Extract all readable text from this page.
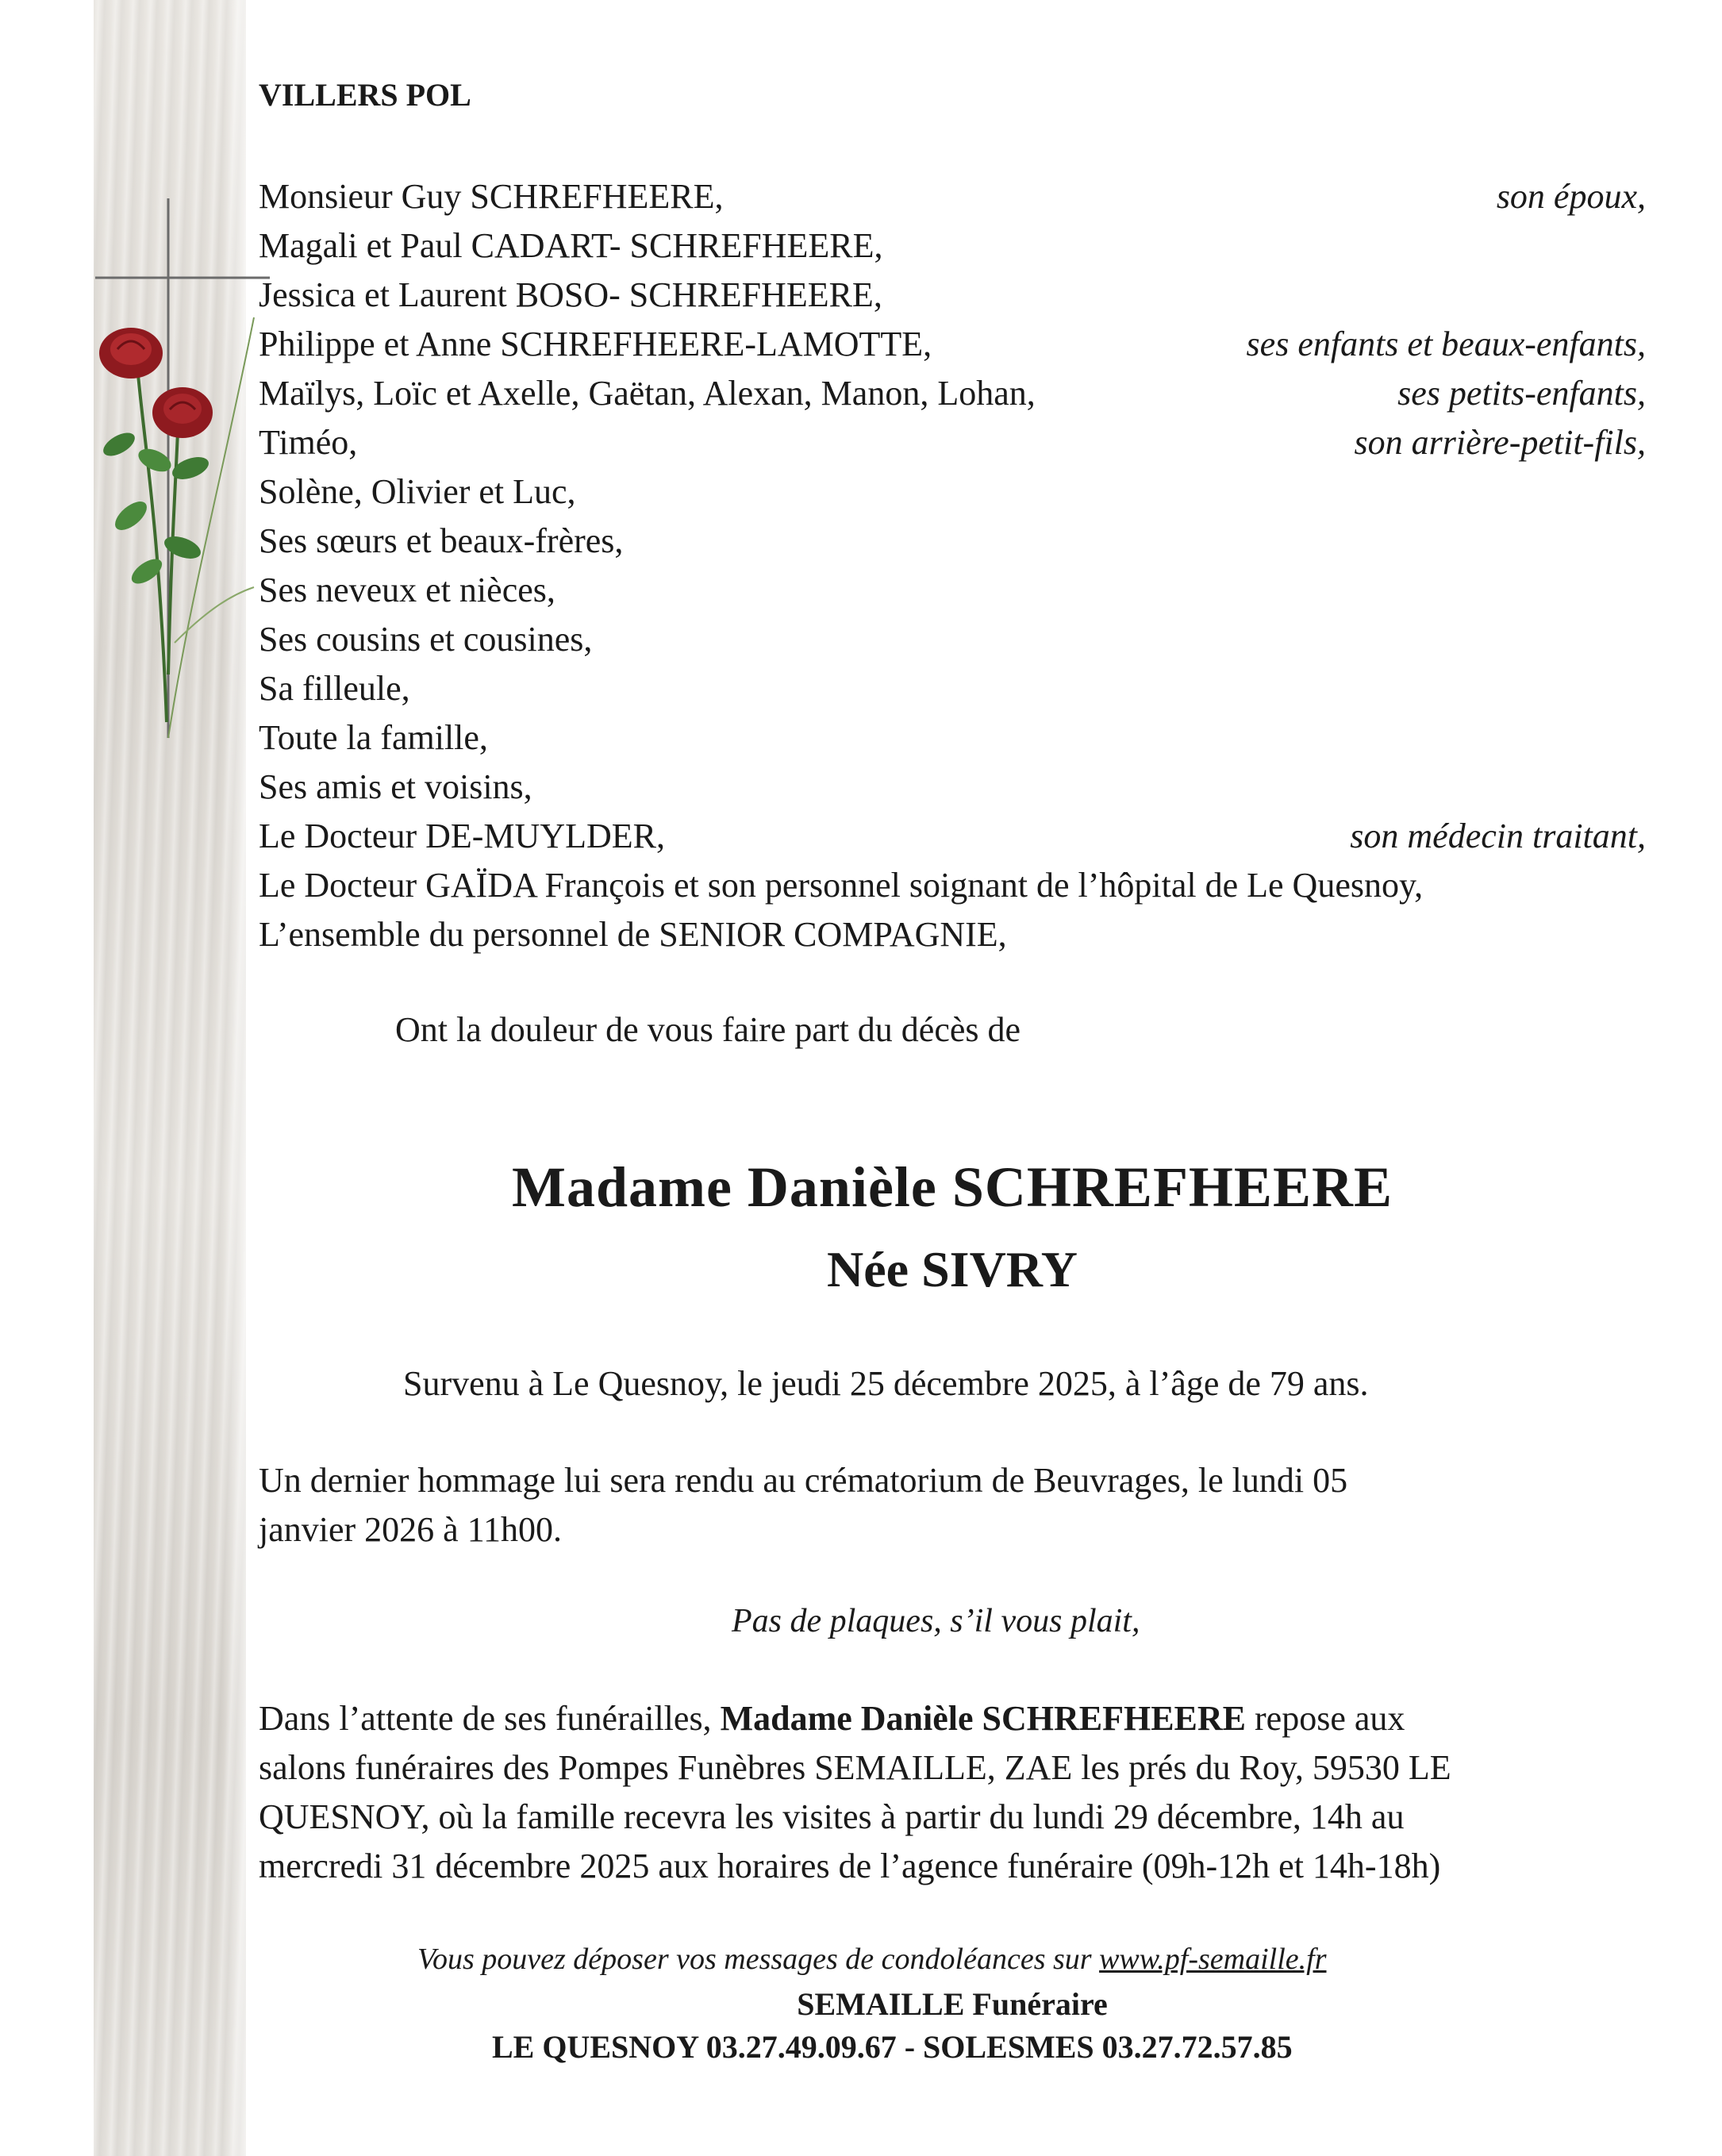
VILLERS POL
Monsieur Guy SCHREFHEERE,	son époux,
Magali et Paul CADART- SCHREFHEERE,
Jessica et Laurent BOSO- SCHREFHEERE,
Philippe et Anne SCHREFHEERE-LAMOTTE,	ses enfants et beaux-enfants,
Maïlys, Loïc et Axelle, Gaëtan, Alexan, Manon, Lohan,	ses petits-enfants,
Timéo,	son arrière-petit-fils,
Solène, Olivier et Luc,
Ses sœurs et beaux-frères,
Ses neveux et nièces,
Ses cousins et cousines,
Sa filleule,
Toute la famille,
Ses amis et voisins,
Le Docteur DE-MUYLDER,	son médecin traitant,
Le Docteur GAÏDA François et son personnel soignant de l’hôpital de Le Quesnoy,
L’ensemble du personnel de SENIOR COMPAGNIE,
Ont la douleur de vous faire part du décès de
Madame Danièle SCHREFHEERE
Née SIVRY
Survenu à Le Quesnoy, le jeudi 25 décembre 2025, à l’âge de 79 ans.
Un dernier hommage lui sera rendu au crématorium de Beuvrages, le lundi 05
janvier 2026 à 11h00.
Pas de plaques, s’il vous plait,
Dans l’attente de ses funérailles, Madame Danièle SCHREFHEERE repose aux
salons funéraires des Pompes Funèbres SEMAILLE, ZAE les prés du Roy, 59530 LE
QUESNOY, où la famille recevra les visites à partir du lundi 29 décembre, 14h au
mercredi 31 décembre 2025 aux horaires de l’agence funéraire (09h-12h et 14h-18h)
Vous pouvez déposer vos messages de condoléances sur www.pf-semaille.fr
SEMAILLE Funéraire
LE QUESNOY 03.27.49.09.67 - SOLESMES 03.27.72.57.85
